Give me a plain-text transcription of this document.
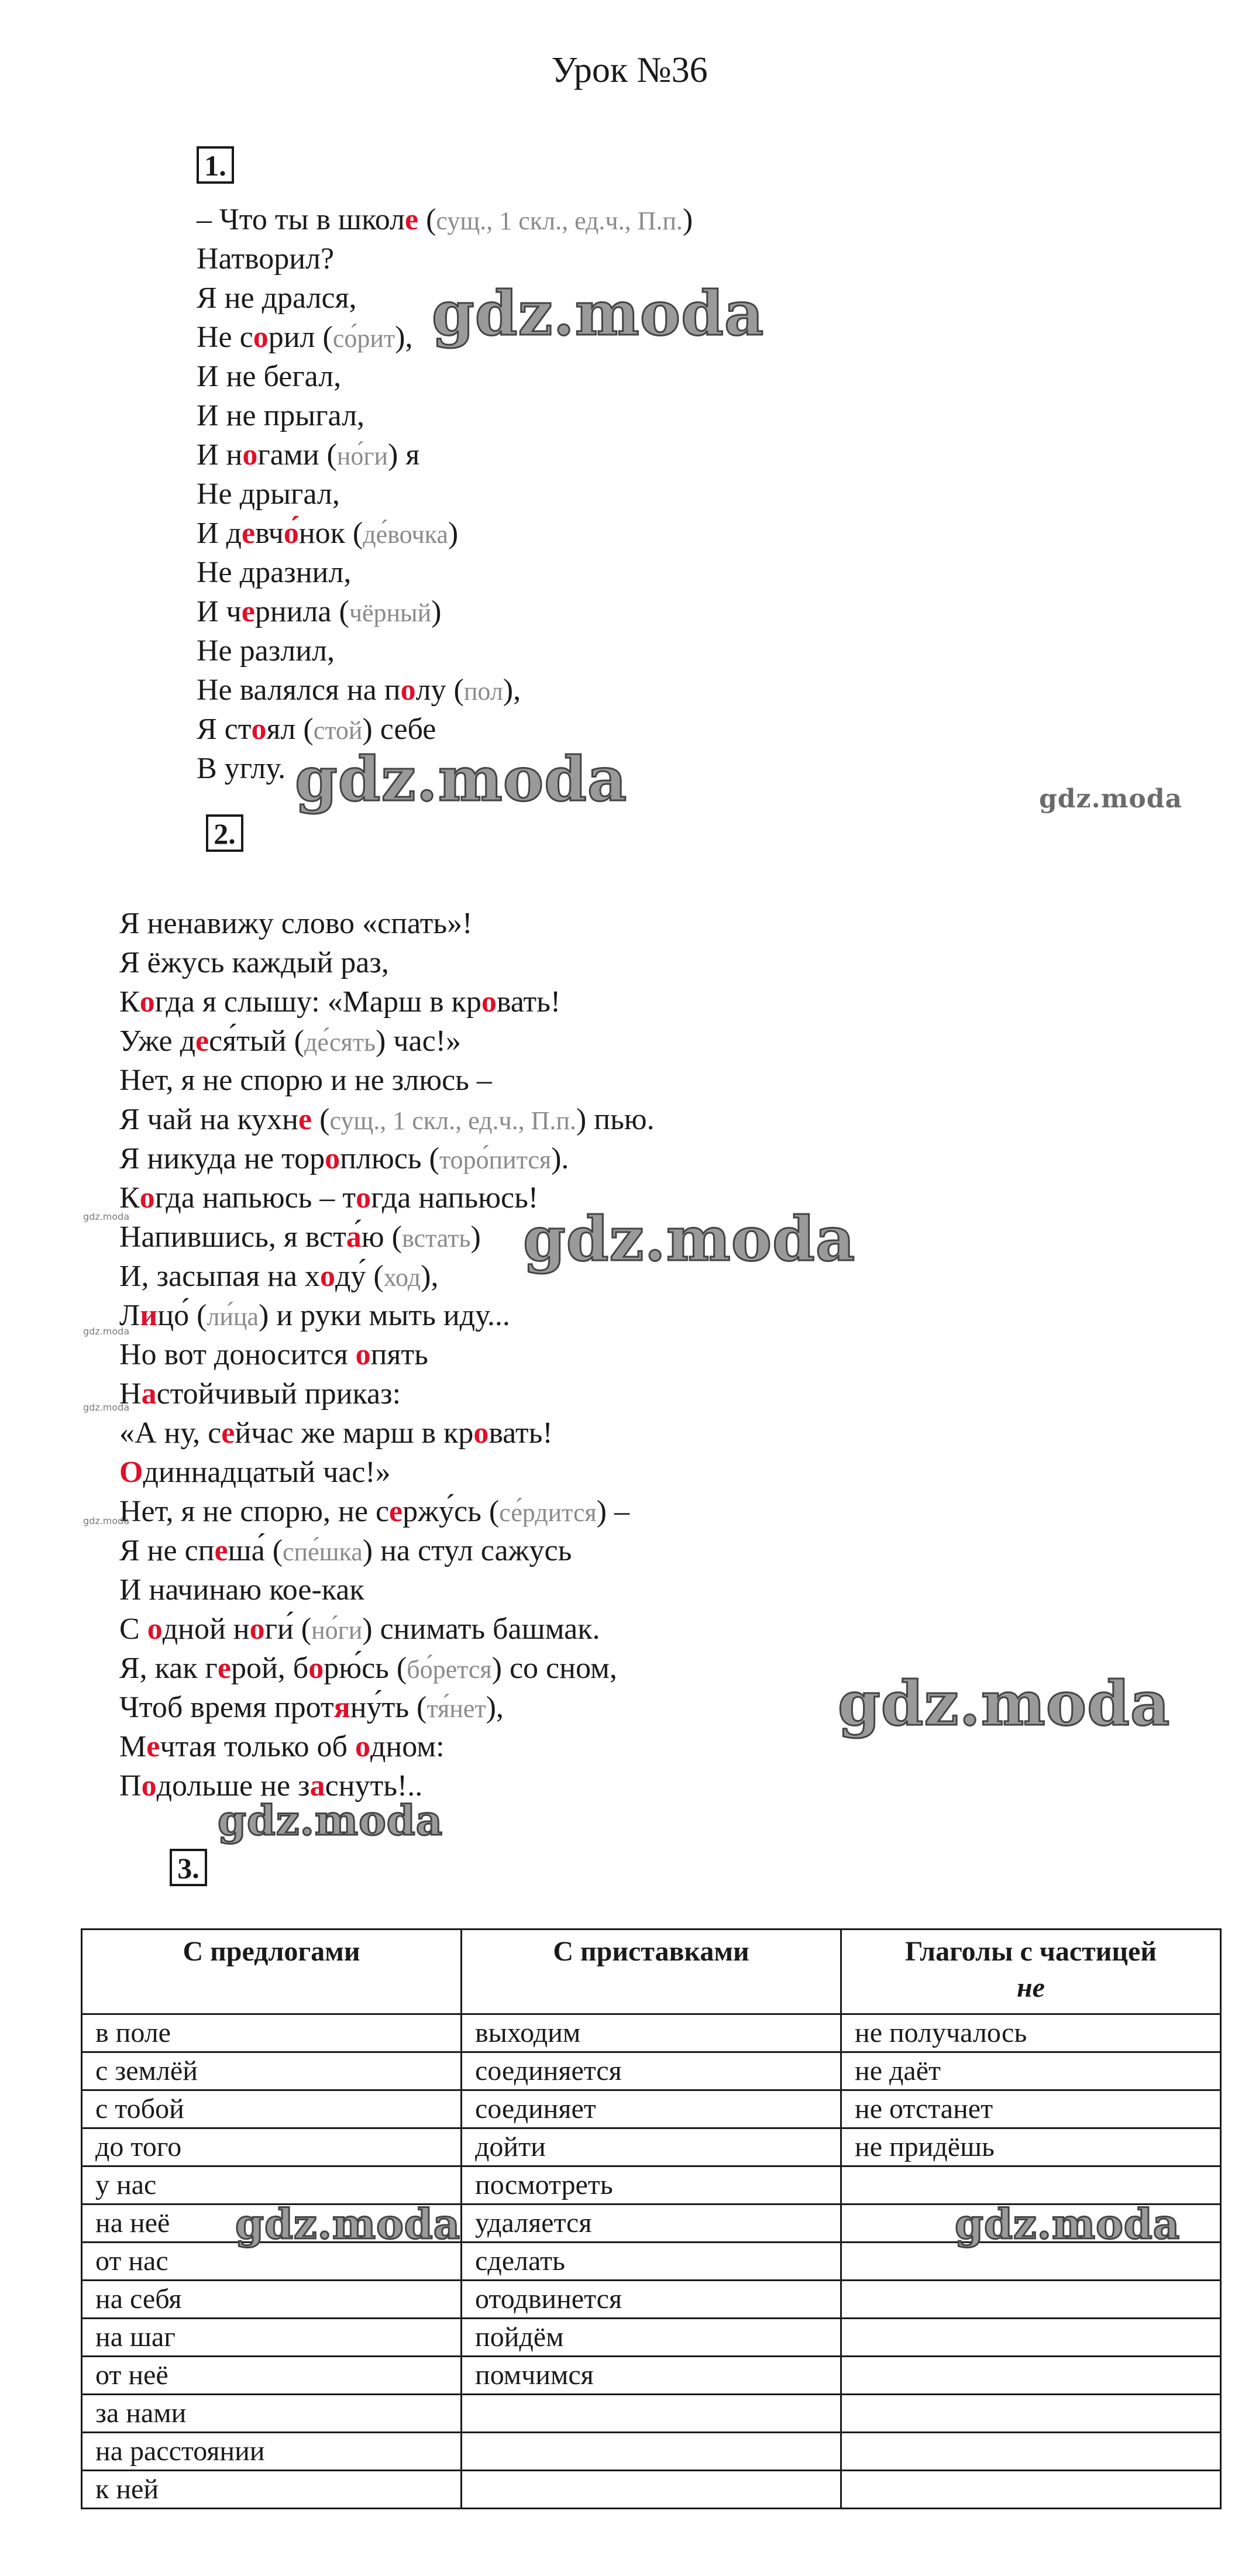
Урок №36
1.
– Что ты в школе (сущ., 1 скл., ед.ч., П.п.)
Натворил?
Я не дрался,
Не сорил (со́рит),
И не бегал,
И не прыгал,
И ногами (но́ги) я
Не дрыгал,
И девчо́нок (де́вочка)
Не дразнил,
И чернила (чёрный)
Не разлил,
Не валялся на полу (пол),
Я стоял (стой) себе
В углу.
2.
Я ненавижу слово «спать»!
Я ёжусь каждый раз,
Когда я слышу: «Марш в кровать!
Уже деся́тый (де́сять) час!»
Нет, я не спорю и не злюсь –
Я чай на кухне (сущ., 1 скл., ед.ч., П.п.) пью.
Я никуда не тороплюсь (торо́пится).
Когда напьюсь – тогда напьюсь!
Напившись, я вста́ю (встать)
И, засыпая на ходу́ (ход),
Лицо́ (ли́ца) и руки мыть иду...
Но вот доносится опять
Настойчивый приказ:
«А ну, сейчас же марш в кровать!
Одиннадцатый час!»
Нет, я не спорю, не сержу́сь (се́рдится) –
Я не спеша́ (спе́шка) на стул сажусь
И начинаю кое-как
С одной ноги́ (но́ги) снимать башмак.
Я, как герой, борю́сь (бо́рется) со сном,
Чтоб время протяну́ть (тя́нет),
Мечтая только об одном:
Подольше не заснуть!..
3.
С предлогами	С приставками	Глаголы с частицей
не
в поле	выходим	не получалось
с землёй	соединяется	не даёт
с тобой	соединяет	не отстанет
до того	дойти	не придёшь
у нас	посмотреть	
на неё	удаляется	
от нас	сделать	
на себя	отодвинется	
на шаг	пойдём	
от неё	помчимся	
за нами		
на расстоянии		
к ней		
gdz.moda
gdz.moda	gdz.moda
gdz.moda
gdz.moda
gdz.moda
gdz.moda	gdz.moda
gdz.moda
gdz.moda
gdz.moda
gdz.moda
